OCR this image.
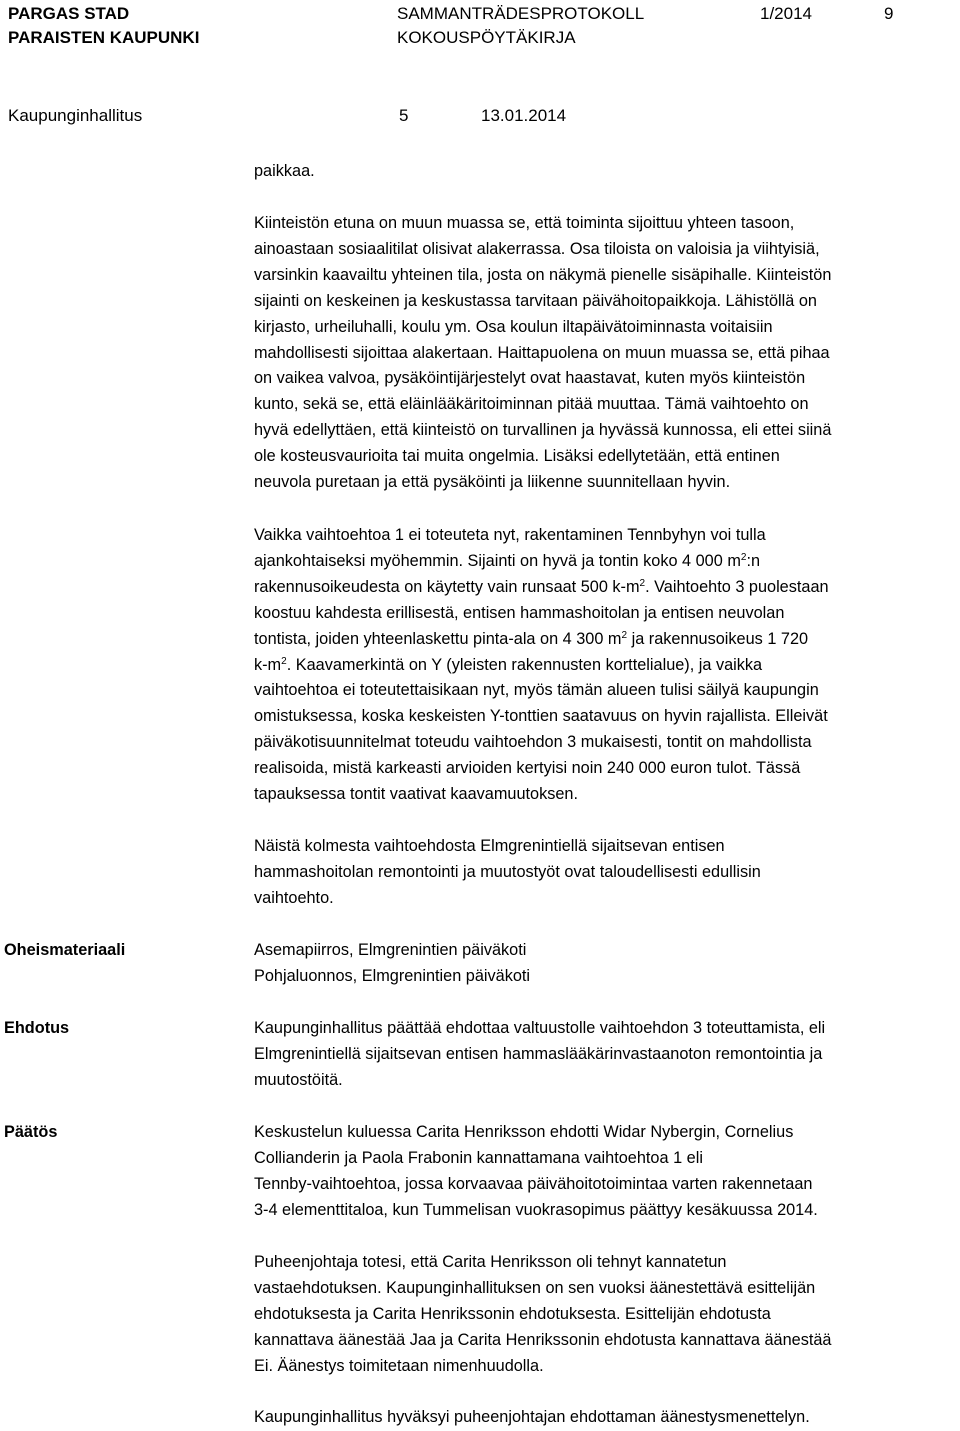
PARGAS STAD
PARAISTEN KAUPUNKI
SAMMANTRÄDESPROTOKOLL
KOKOUSPÖYTÄKIRJA
1/2014	9
Kaupunginhallitus	5	13.01.2014

paikkaa.

Kiinteistön etuna on muun muassa se, että toiminta sijoittuu yhteen tasoon,

ainoastaan sosiaalitilat olisivat alakerrassa. Osa tiloista on valoisia ja viihtyisiä,

varsinkin kaavailtu yhteinen tila, josta on näkymä pienelle sisäpihalle. Kiinteistön

sijainti on keskeinen ja keskustassa tarvitaan päivähoitopaikkoja. Lähistöllä on

kirjasto, urheiluhalli, koulu ym. Osa koulun iltapäivätoiminnasta voitaisiin

mahdollisesti sijoittaa alakertaan. Haittapuolena on muun muassa se, että pihaa

on vaikea valvoa, pysäköintijärjestelyt ovat haastavat, kuten myös kiinteistön

kunto, sekä se, että eläinlääkäritoiminnan pitää muuttaa. Tämä vaihtoehto on

hyvä edellyttäen, että kiinteistö on turvallinen ja hyvässä kunnossa, eli ettei siinä

ole kosteusvaurioita tai muita ongelmia. Lisäksi edellytetään, että entinen

neuvola puretaan ja että pysäköinti ja liikenne suunnitellaan hyvin.

Vaikka vaihtoehtoa 1 ei toteuteta nyt, rakentaminen Tennbyhyn voi tulla

ajankohtaiseksi myöhemmin. Sijainti on hyvä ja tontin koko 4 000 $m^2:n$

rakennusoikeudesta on käytetty vain runsaat 500 $k-m^2$. Vaihtoehto 3 puolestaan

koostuu kahdesta erillisestä, entisen hammashoitolan ja entisen neuvolan

tontista, joiden yhteenlaskettu pinta-ala on 4 300 $m^2$ ja rakennusoikeus 1 720

$k-m^2$. Kaavamerkintä on Y (yleisten rakennusten korttelialue), ja vaikka

vaihtoehtoa ei toteutettaisikaan nyt, myös tämän alueen tulisi säilyä kaupungin

omistuksessa, koska keskeisten Y-tonttien saatavuus on hyvin rajallista. Elleivät

päiväkotisuunnitelmat toteudu vaihtoehdon 3 mukaisesti, tontit on mahdollista

realisoida, mistä karkeasti arvioiden kertyisi noin 240 000 euron tulot. Tässä

tapauksessa tontit vaativat kaavamuutoksen.

Näistä kolmesta vaihtoehdosta Elmgrenintiellä sijaitsevan entisen

hammashoitolan remontointi ja muutostyöt ovat taloudellisesti edullisin

vaihtoehto.

Oheismateriaali	Asemapiirros, Elmgrenintien päiväkoti

Pohjaluonnos, Elmgrenintien päiväkoti

Ehdotus	Kaupunginhallitus päättää ehdottaa valtuustolle vaihtoehdon 3 toteuttamista, eli

Elmgrenintiellä sijaitsevan entisen hammaslääkärinvastaanoton remontointia ja

muutostöitä.

Päätös	Keskustelun kuluessa Carita Henriksson ehdotti Widar Nybergin, Cornelius

Collianderin ja Paola Frabonin kannattamana vaihtoehtoa 1 eli

Tennby-vaihtoehtoa, jossa korvaavaa päivähoitotoimintaa varten rakennetaan

3-4 elementtitaloa, kun Tummelisan vuokrasopimus päättyy kesäkuussa 2014.

Puheenjohtaja totesi, että Carita Henriksson oli tehnyt kannatetun

vastaehdotuksen. Kaupunginhallituksen on sen vuoksi äänestettävä esittelijän

ehdotuksesta ja Carita Henrikssonin ehdotuksesta. Esittelijän ehdotusta

kannattava äänestää Jaa ja Carita Henrikssonin ehdotusta kannattava äänestää

Ei. Äänestys toimitetaan nimenhuudolla.

Kaupunginhallitus hyväksyi puheenjohtajan ehdottaman äänestysmenettelyn.
